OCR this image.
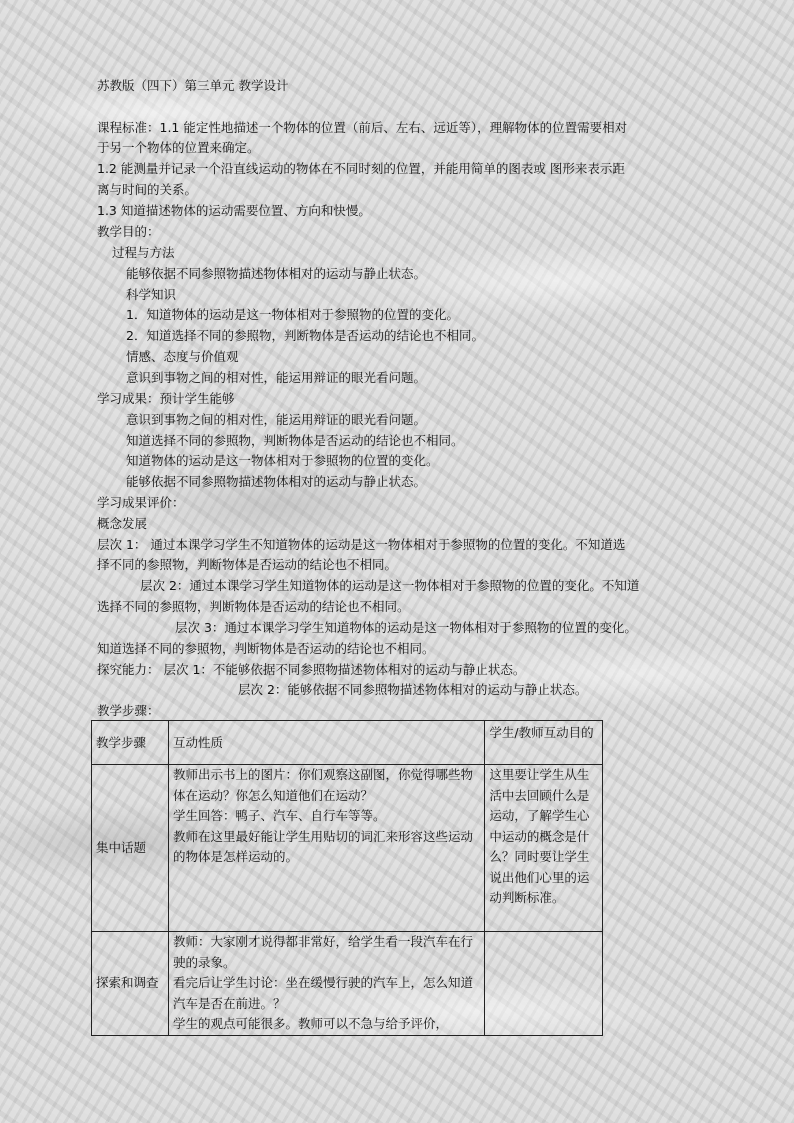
苏教版（四下）第三单元 教学设计
课程标准：1.1 能定性地描述一个物体的位置（前后、左右、远近等），理解物体的位置需要相对
于另一个物体的位置来确定。
1.2 能测量并记录一个沿直线运动的物体在不同时刻的位置，并能用简单的图表或 图形来表示距
离与时间的关系。
1.3 知道描述物体的运动需要位置、方向和快慢。
教学目的：
过程与方法
能够依据不同参照物描述物体相对的运动与静止状态。
科学知识
1．知道物体的运动是这一物体相对于参照物的位置的变化。
2．知道选择不同的参照物，判断物体是否运动的结论也不相同。
情感、态度与价值观
意识到事物之间的相对性，能运用辩证的眼光看问题。
学习成果：预计学生能够
意识到事物之间的相对性，能运用辩证的眼光看问题。
知道选择不同的参照物，判断物体是否运动的结论也不相同。
知道物体的运动是这一物体相对于参照物的位置的变化。
能够依据不同参照物描述物体相对的运动与静止状态。
学习成果评价：
概念发展
层次 1： 通过本课学习学生不知道物体的运动是这一物体相对于参照物的位置的变化。不知道选
择不同的参照物，判断物体是否运动的结论也不相同。
层次 2：通过本课学习学生知道物体的运动是这一物体相对于参照物的位置的变化。不知道
选择不同的参照物，判断物体是否运动的结论也不相同。
层次 3：通过本课学习学生知道物体的运动是这一物体相对于参照物的位置的变化。
知道选择不同的参照物，判断物体是否运动的结论也不相同。
探究能力： 层次 1：不能够依据不同参照物描述物体相对的运动与静止状态。
层次 2：能够依据不同参照物描述物体相对的运动与静止状态。
教学步骤：
教学步骤	互动性质	学生/教师互动目的
集中话题	教师出示书上的图片：你们观察这副图，你觉得哪些物体在运动？你怎么知道他们在运动？
学生回答：鸭子、汽车、自行车等等。
教师在这里最好能让学生用贴切的词汇来形容这些运动的物体是怎样运动的。	这里要让学生从生活中去回顾什么是运动，了解学生心中运动的概念是什么？同时要让学生说出他们心里的运动判断标准。
探索和调查	教师：大家刚才说得都非常好，给学生看一段汽车在行驶的录象。
看完后让学生讨论：坐在缓慢行驶的汽车上，怎么知道汽车是否在前进。？
学生的观点可能很多。教师可以不急与给予评价，	
